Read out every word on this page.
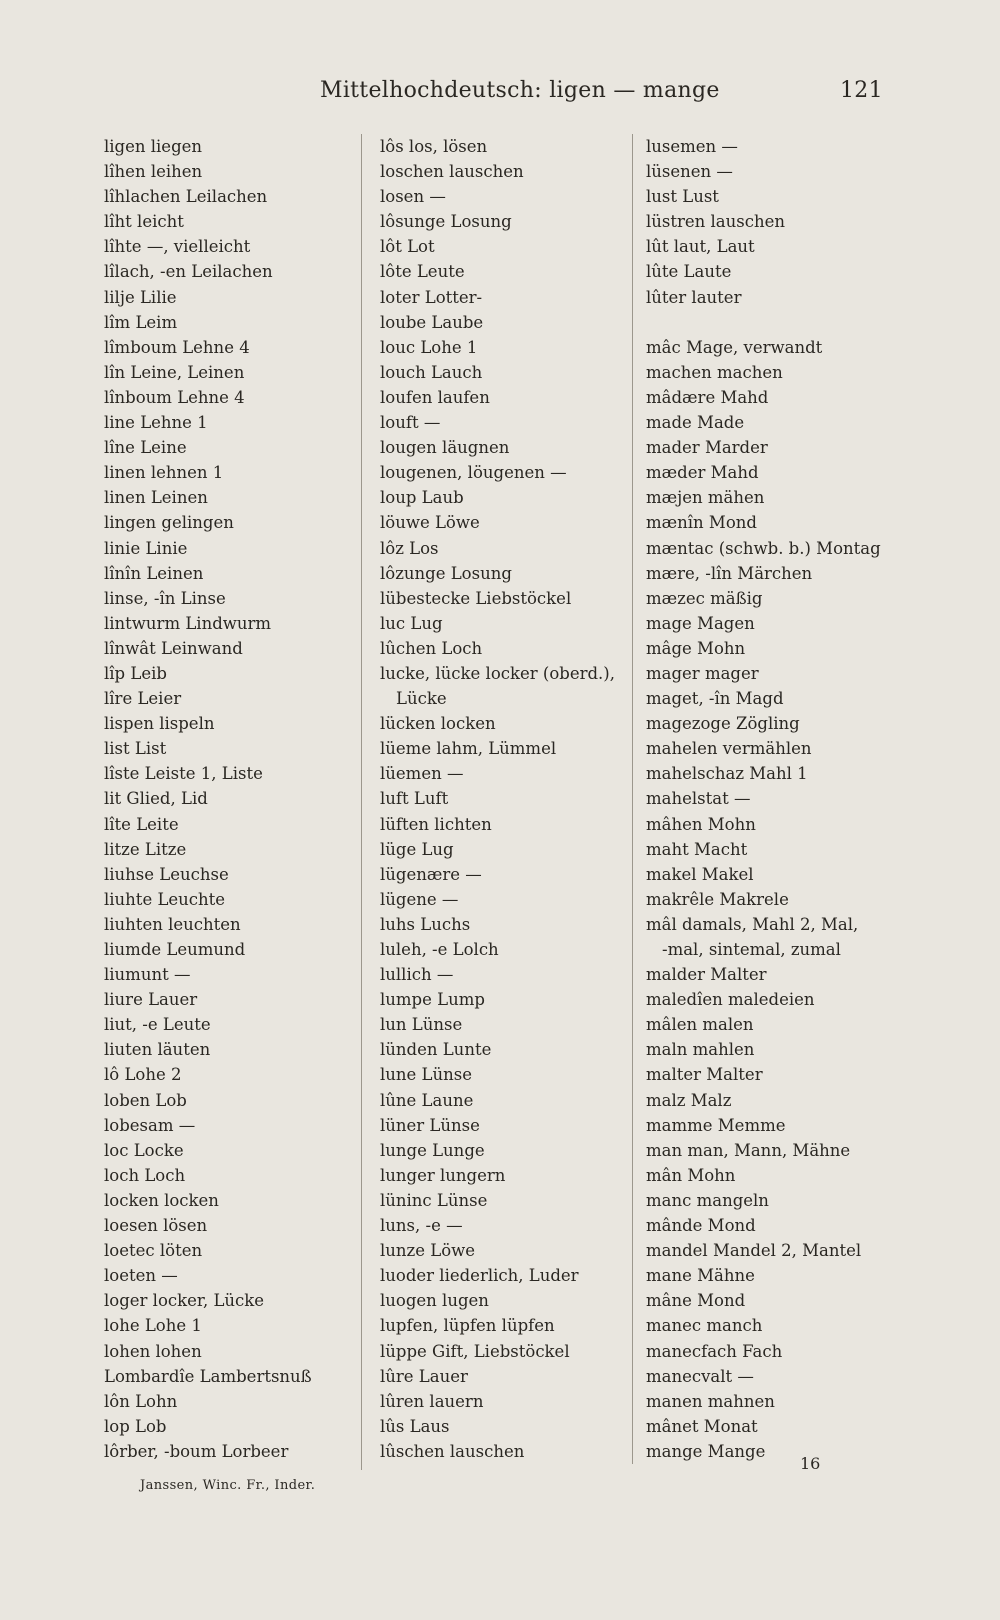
Mittelhochdeutsch: ligen — mange	121
ligen liegen
lîhen leihen
lîhlachen Leilachen
lîht leicht
lîhte —, vielleicht
lîlach, -en Leilachen
lilje Lilie
lîm Leim
lîmboum Lehne 4
lîn Leine, Leinen
lînboum Lehne 4
line Lehne 1
lîne Leine
linen lehnen 1
linen Leinen
lingen gelingen
linie Linie
lînîn Leinen
linse, -în Linse
lintwurm Lindwurm
lînwât Leinwand
lîp Leib
lîre Leier
lispen lispeln
list List
lîste Leiste 1, Liste
lit Glied, Lid
lîte Leite
litze Litze
liuhse Leuchse
liuhte Leuchte
liuhten leuchten
liumde Leumund
liumunt —
liure Lauer
liut, -e Leute
liuten läuten
lô Lohe 2
loben Lob
lobesam —
loc Locke
loch Loch
locken locken
loesen lösen
loetec löten
loeten —
loger locker, Lücke
lohe Lohe 1
lohen lohen
Lombardîe Lambertsnuß
lôn Lohn
lop Lob
lôrber, -boum Lorbeer
lôs los, lösen
loschen lauschen
losen —
lôsunge Losung
lôt Lot
lôte Leute
loter Lotter-
loube Laube
louc Lohe 1
louch Lauch
loufen laufen
louft —
lougen läugnen
lougenen, löugenen —
loup Laub
löuwe Löwe
lôz Los
lôzunge Losung
lübestecke Liebstöckel
luc Lug
lûchen Loch
lucke, lücke locker (oberd.),
Lücke
lücken locken
lüeme lahm, Lümmel
lüemen —
luft Luft
lüften lichten
lüge Lug
lügenære —
lügene —
luhs Luchs
luleh, -e Lolch
lullich —
lumpe Lump
lun Lünse
lünden Lunte
lune Lünse
lûne Laune
lüner Lünse
lunge Lunge
lunger lungern
lüninc Lünse
luns, -e —
lunze Löwe
luoder liederlich, Luder
luogen lugen
lupfen, lüpfen lüpfen
lüppe Gift, Liebstöckel
lûre Lauer
lûren lauern
lûs Laus
lûschen lauschen
lusemen —
lüsenen —
lust Lust
lüstren lauschen
lût laut, Laut
lûte Laute
lûter lauter
mâc Mage, verwandt
machen machen
mâdære Mahd
made Made
mader Marder
mæder Mahd
mæjen mähen
mænîn Mond
mæntac (schwb. b.) Montag
mære, -lîn Märchen
mæzec mäßig
mage Magen
mâge Mohn
mager mager
maget, -în Magd
magezoge Zögling
mahelen vermählen
mahelschaz Mahl 1
mahelstat —
mâhen Mohn
maht Macht
makel Makel
makrêle Makrele
mâl damals, Mahl 2, Mal,
-mal, sintemal, zumal
malder Malter
maledîen maledeien
mâlen malen
maln mahlen
malter Malter
malz Malz
mamme Memme
man man, Mann, Mähne
mân Mohn
manc mangeln
mânde Mond
mandel Mandel 2, Mantel
mane Mähne
mâne Mond
manec manch
manecfach Fach
manecvalt —
manen mahnen
mânet Monat
mange Mange
16
Janssen, Winc. Fr., Inder.
